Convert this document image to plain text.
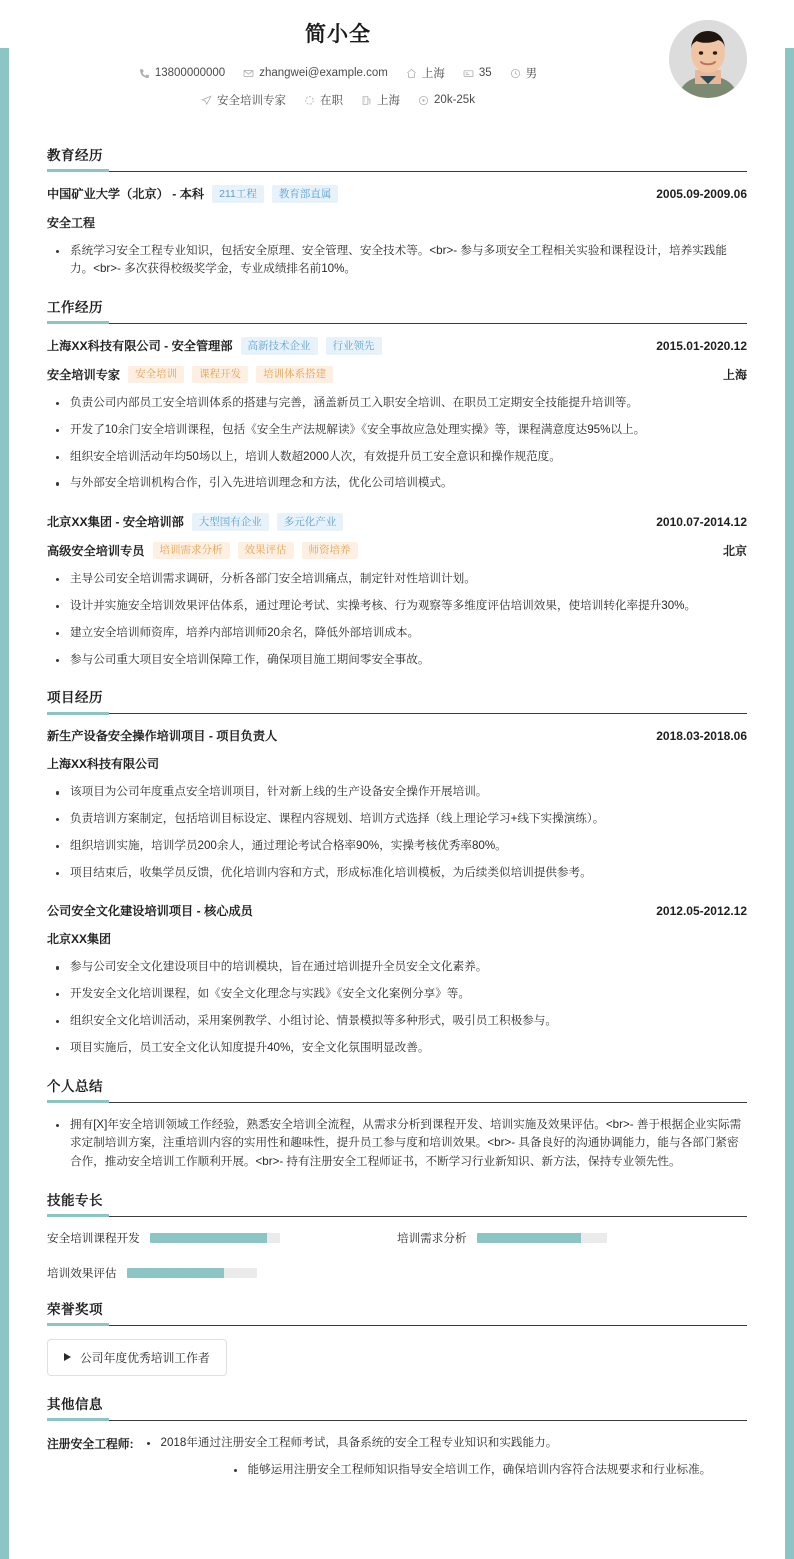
简小全
13800000000	zhangwei@example.com	上海	35	男
安全培训专家	在职	上海	20k-25k
教育经历
中国矿业大学（北京） - 本科	211工程	教育部直属	2005.09-2009.06
安全工程
系统学习安全工程专业知识，包括安全原理、安全管理、安全技术等。<br>- 参与多项安全工程相关实验和课程设计，培养实践能力。<br>- 多次获得校级奖学金，专业成绩排名前10%。
工作经历
上海XX科技有限公司 - 安全管理部	高新技术企业	行业领先	2015.01-2020.12
安全培训专家	安全培训	课程开发	培训体系搭建	上海
负责公司内部员工安全培训体系的搭建与完善，涵盖新员工入职安全培训、在职员工定期安全技能提升培训等。
开发了10余门安全培训课程，包括《安全生产法规解读》《安全事故应急处理实操》等，课程满意度达95%以上。
组织安全培训活动年均50场以上，培训人数超2000人次，有效提升员工安全意识和操作规范度。
与外部安全培训机构合作，引入先进培训理念和方法，优化公司培训模式。
北京XX集团 - 安全培训部	大型国有企业	多元化产业	2010.07-2014.12
高级安全培训专员	培训需求分析	效果评估	师资培养	北京
主导公司安全培训需求调研，分析各部门安全培训痛点，制定针对性培训计划。
设计并实施安全培训效果评估体系，通过理论考试、实操考核、行为观察等多维度评估培训效果，使培训转化率提升30%。
建立安全培训师资库，培养内部培训师20余名，降低外部培训成本。
参与公司重大项目安全培训保障工作，确保项目施工期间零安全事故。
项目经历
新生产设备安全操作培训项目 - 项目负责人	2018.03-2018.06
上海XX科技有限公司
该项目为公司年度重点安全培训项目，针对新上线的生产设备安全操作开展培训。
负责培训方案制定，包括培训目标设定、课程内容规划、培训方式选择（线上理论学习+线下实操演练）。
组织培训实施，培训学员200余人，通过理论考试合格率90%，实操考核优秀率80%。
项目结束后，收集学员反馈，优化培训内容和方式，形成标准化培训模板，为后续类似培训提供参考。
公司安全文化建设培训项目 - 核心成员	2012.05-2012.12
北京XX集团
参与公司安全文化建设项目中的培训模块，旨在通过培训提升全员安全文化素养。
开发安全文化培训课程，如《安全文化理念与实践》《安全文化案例分享》等。
组织安全文化培训活动，采用案例教学、小组讨论、情景模拟等多种形式，吸引员工积极参与。
项目实施后，员工安全文化认知度提升40%，安全文化氛围明显改善。
个人总结
拥有[X]年安全培训领域工作经验，熟悉安全培训全流程，从需求分析到课程开发、培训实施及效果评估。<br>- 善于根据企业实际需求定制培训方案，注重培训内容的实用性和趣味性，提升员工参与度和培训效果。<br>- 具备良好的沟通协调能力，能与各部门紧密合作，推动安全培训工作顺利开展。<br>- 持有注册安全工程师证书，不断学习行业新知识、新方法，保持专业领先性。
技能专长
安全培训课程开发	培训需求分析
培训效果评估
荣誉奖项
公司年度优秀培训工作者
其他信息
注册安全工程师:	2018年通过注册安全工程师考试，具备系统的安全工程专业知识和实践能力。
能够运用注册安全工程师知识指导安全培训工作，确保培训内容符合法规要求和行业标准。
